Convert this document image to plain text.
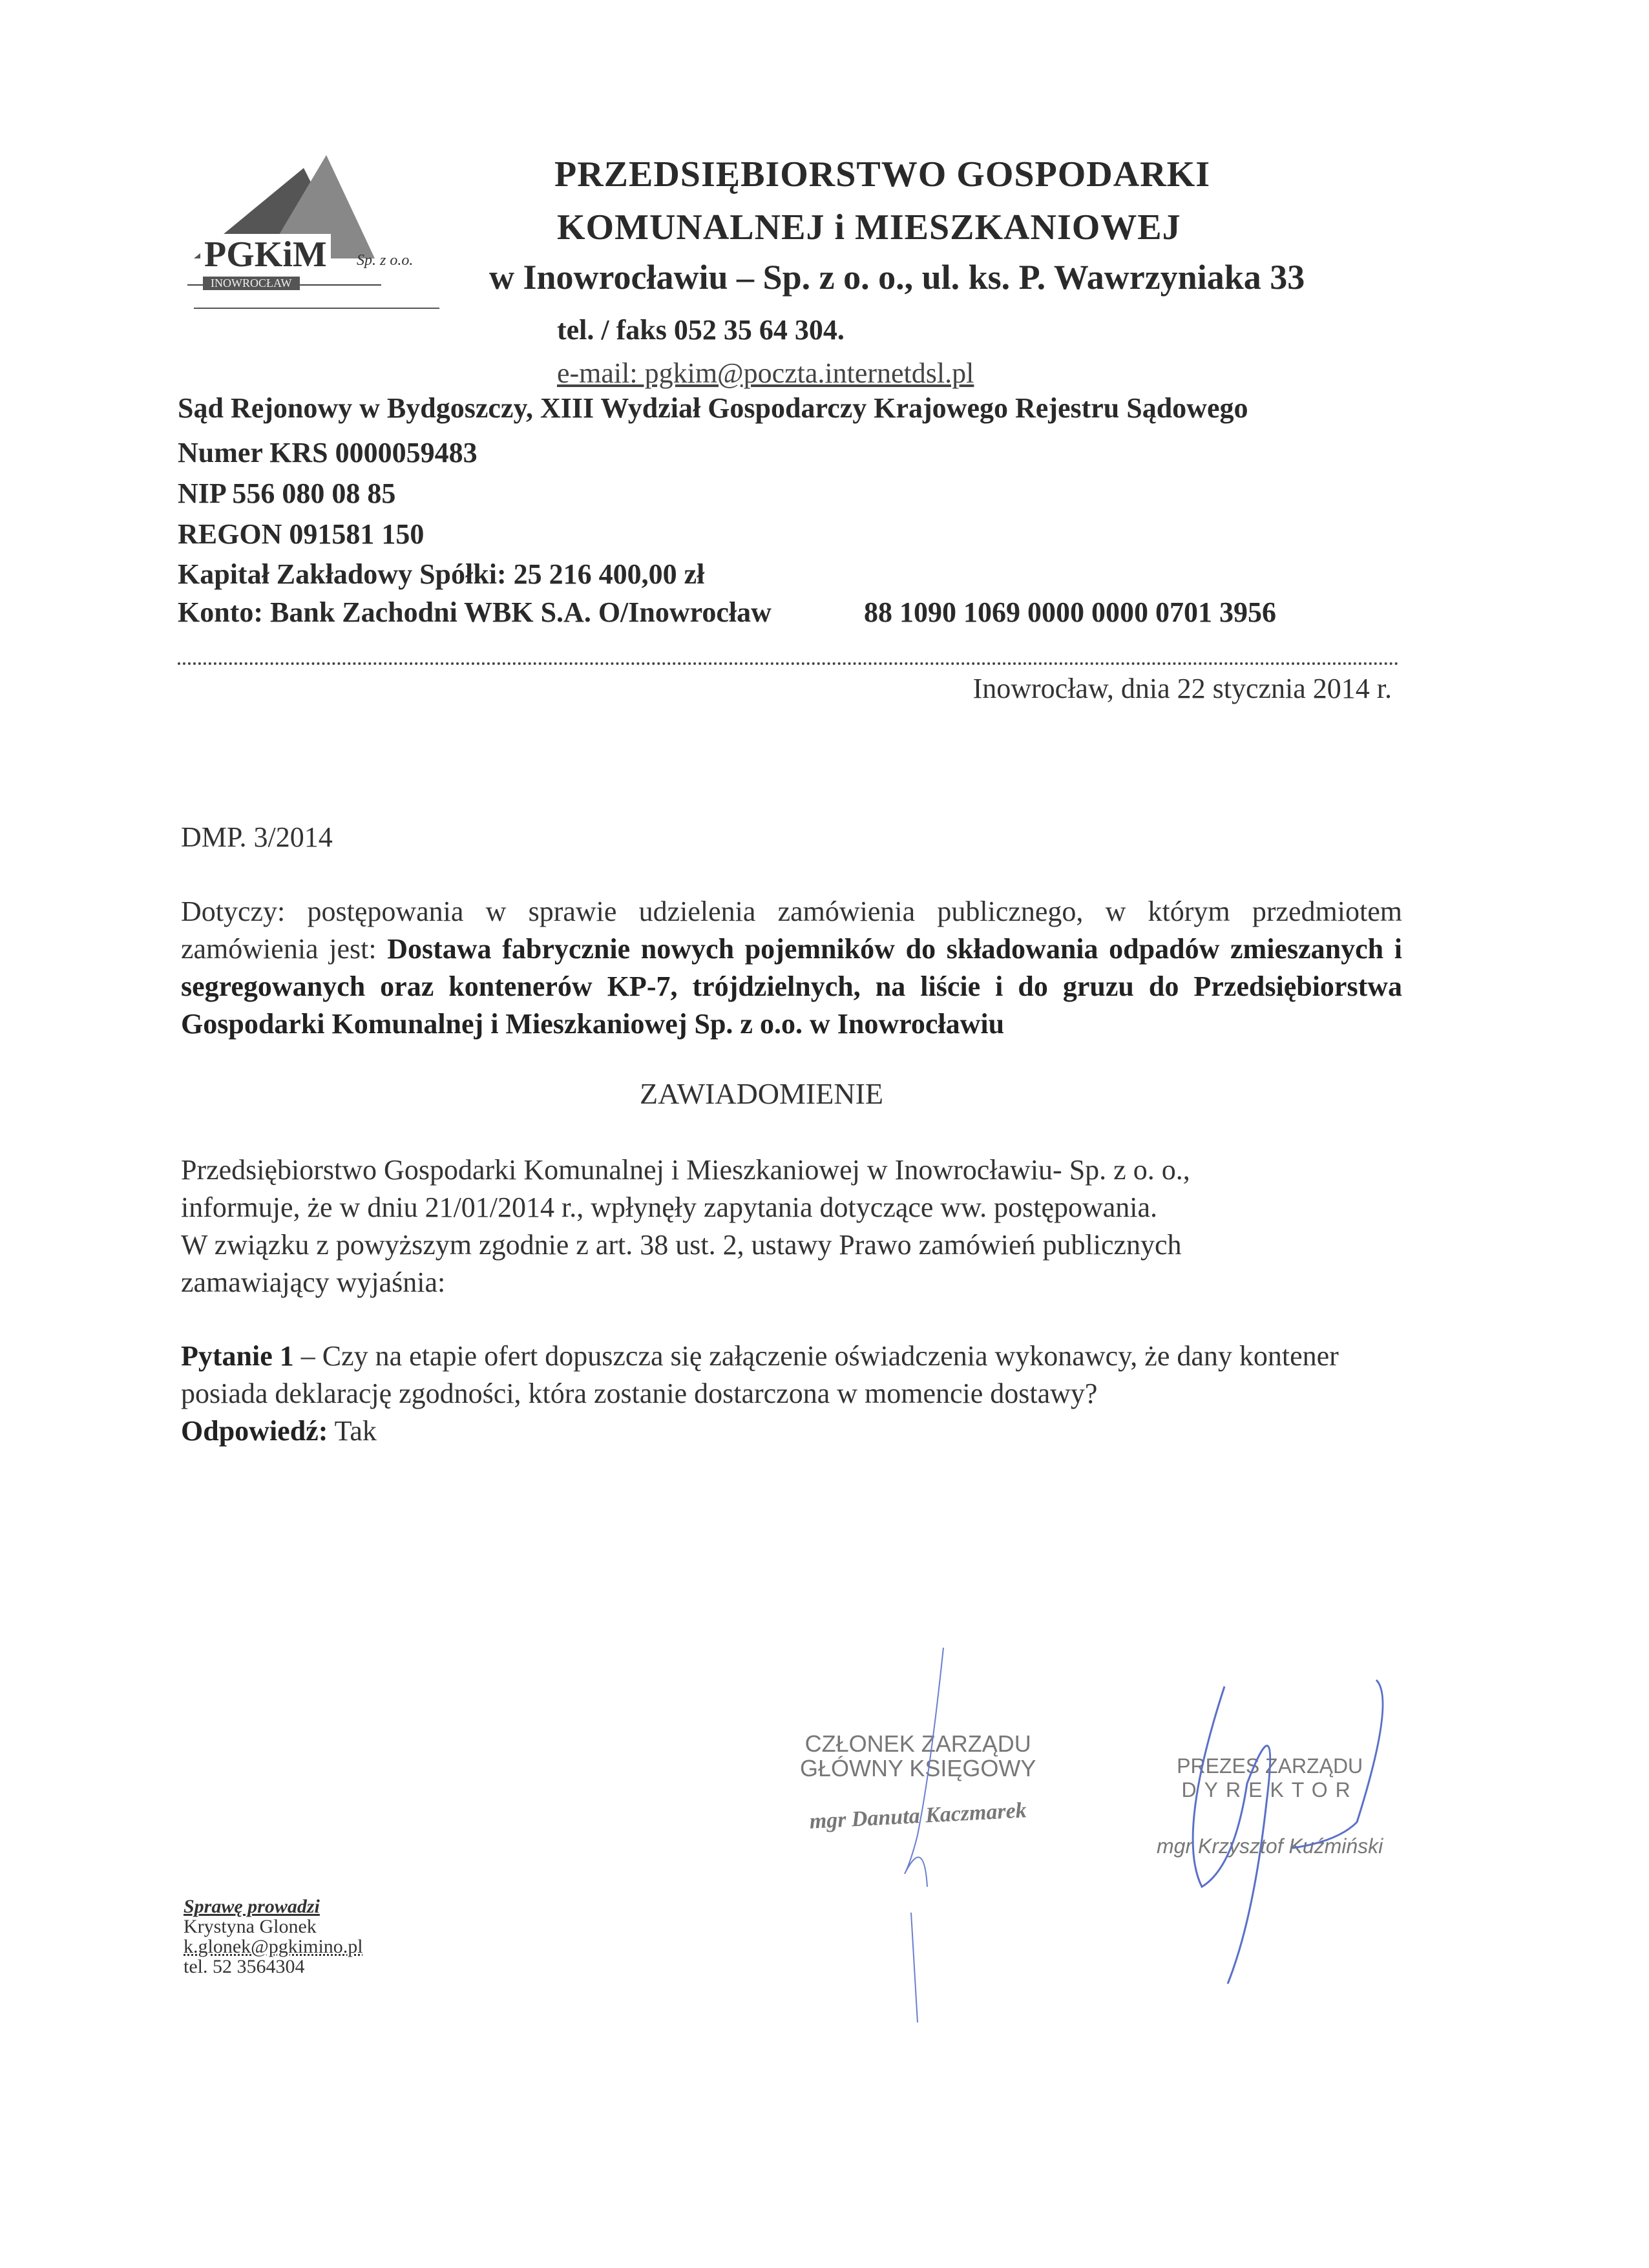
PGKiM
INOWROCŁAW
Sp. z o.o.
PRZEDSIĘBIORSTWO GOSPODARKI
KOMUNALNEJ i MIESZKANIOWEJ
w Inowrocławiu – Sp. z o. o., ul. ks. P. Wawrzyniaka 33
tel. / faks 052 35 64 304.
e-mail: pgkim@poczta.internetdsl.pl
Sąd Rejonowy w Bydgoszczy, XIII Wydział Gospodarczy Krajowego Rejestru Sądowego
Numer KRS 0000059483
NIP 556 080 08 85
REGON 091581 150
Kapitał Zakładowy Spółki: 25 216 400,00 zł
Konto: Bank Zachodni WBK S.A. O/Inowrocław	88 1090 1069 0000 0000 0701 3956
Inowrocław, dnia 22 stycznia 2014 r.
DMP. 3/2014
Dotyczy: postępowania w sprawie udzielenia zamówienia publicznego, w którym przedmiotem zamówienia jest: Dostawa fabrycznie nowych pojemników do składowania odpadów zmieszanych i segregowanych oraz kontenerów KP-7, trójdzielnych, na liście i do gruzu do Przedsiębiorstwa Gospodarki Komunalnej i Mieszkaniowej Sp. z o.o. w Inowrocławiu
ZAWIADOMIENIE
Przedsiębiorstwo Gospodarki Komunalnej i Mieszkaniowej w Inowrocławiu- Sp. z o. o.,
informuje, że w dniu 21/01/2014 r., wpłynęły zapytania dotyczące ww. postępowania.
W związku z powyższym zgodnie z art. 38 ust. 2, ustawy Prawo zamówień publicznych
zamawiający wyjaśnia:
Pytanie 1 – Czy na etapie ofert dopuszcza się załączenie oświadczenia wykonawcy, że dany kontener posiada deklarację zgodności, która zostanie dostarczona w momencie dostawy?
Odpowiedź: Tak
CZŁONEK ZARZĄDU
GŁÓWNY KSIĘGOWY
mgr Danuta Kaczmarek
PREZES ZARZĄDU
DYREKTOR
mgr Krzysztof Kuźmiński
Sprawę prowadzi
Krystyna Glonek
k.glonek@pgkimino.pl
tel. 52 3564304
